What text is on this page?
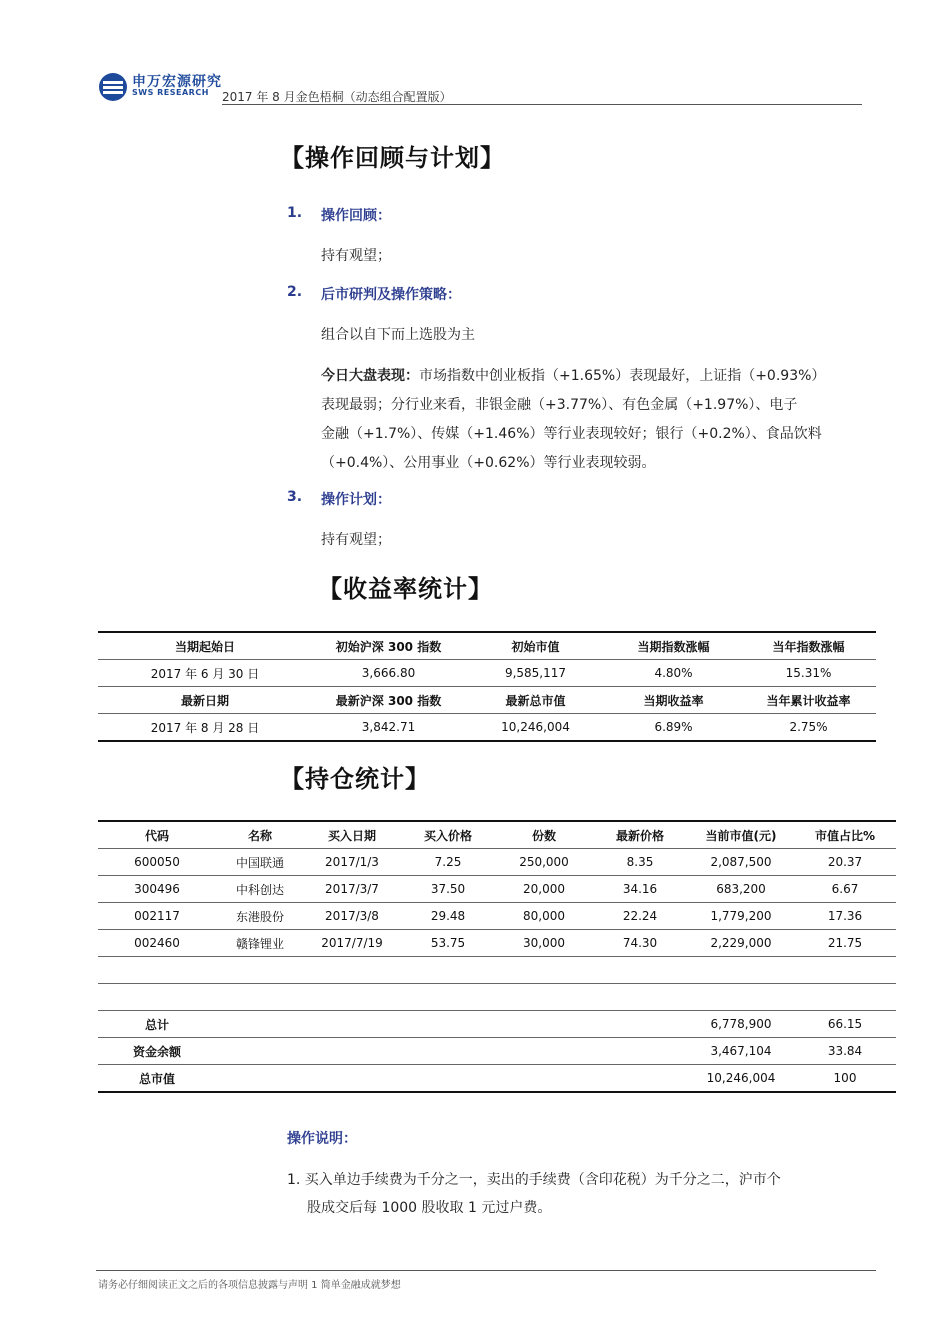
申万宏源研究
SWS RESEARCH 2017 年 8 月金色梧桐（动态组合配置版）
【操作回顾与计划】
1. 操作回顾：
持有观望；
2. 后市研判及操作策略：
组合以自下而上选股为主
今日大盘表现：市场指数中创业板指（+1.65%）表现最好，上证指（+0.93%）
表现最弱；分行业来看，非银金融（+3.77%）、有色金属（+1.97%）、电子
金融（+1.7%）、传媒（+1.46%）等行业表现较好；银行（+0.2%）、食品饮料
（+0.4%）、公用事业（+0.62%）等行业表现较弱。
3. 操作计划：
持有观望；
【收益率统计】
当期起始日	初始沪深 300 指数	初始市值	当期指数涨幅	当年指数涨幅
2017 年 6 月 30 日	3,666.80	9,585,117	4.80%	15.31%
最新日期	最新沪深 300 指数	最新总市值	当期收益率	当年累计收益率
2017 年 8 月 28 日	3,842.71	10,246,004	6.89%	2.75%
【持仓统计】
代码	名称	买入日期	买入价格	份数	最新价格	当前市值(元)	市值占比%
600050	中国联通	2017/1/3	7.25	250,000	8.35	2,087,500	20.37
300496	中科创达	2017/3/7	37.50	20,000	34.16	683,200	6.67
002117	东港股份	2017/3/8	29.48	80,000	22.24	1,779,200	17.36
002460	赣锋锂业	2017/7/19	53.75	30,000	74.30	2,229,000	21.75

总计						6,778,900	66.15
资金余额						3,467,104	33.84
总市值						10,246,004	100
操作说明：
1. 买入单边手续费为千分之一，卖出的手续费（含印花税）为千分之二，沪市个
股成交后每 1000 股收取 1 元过户费。
请务必仔细阅读正文之后的各项信息披露与声明 1 简单金融成就梦想
